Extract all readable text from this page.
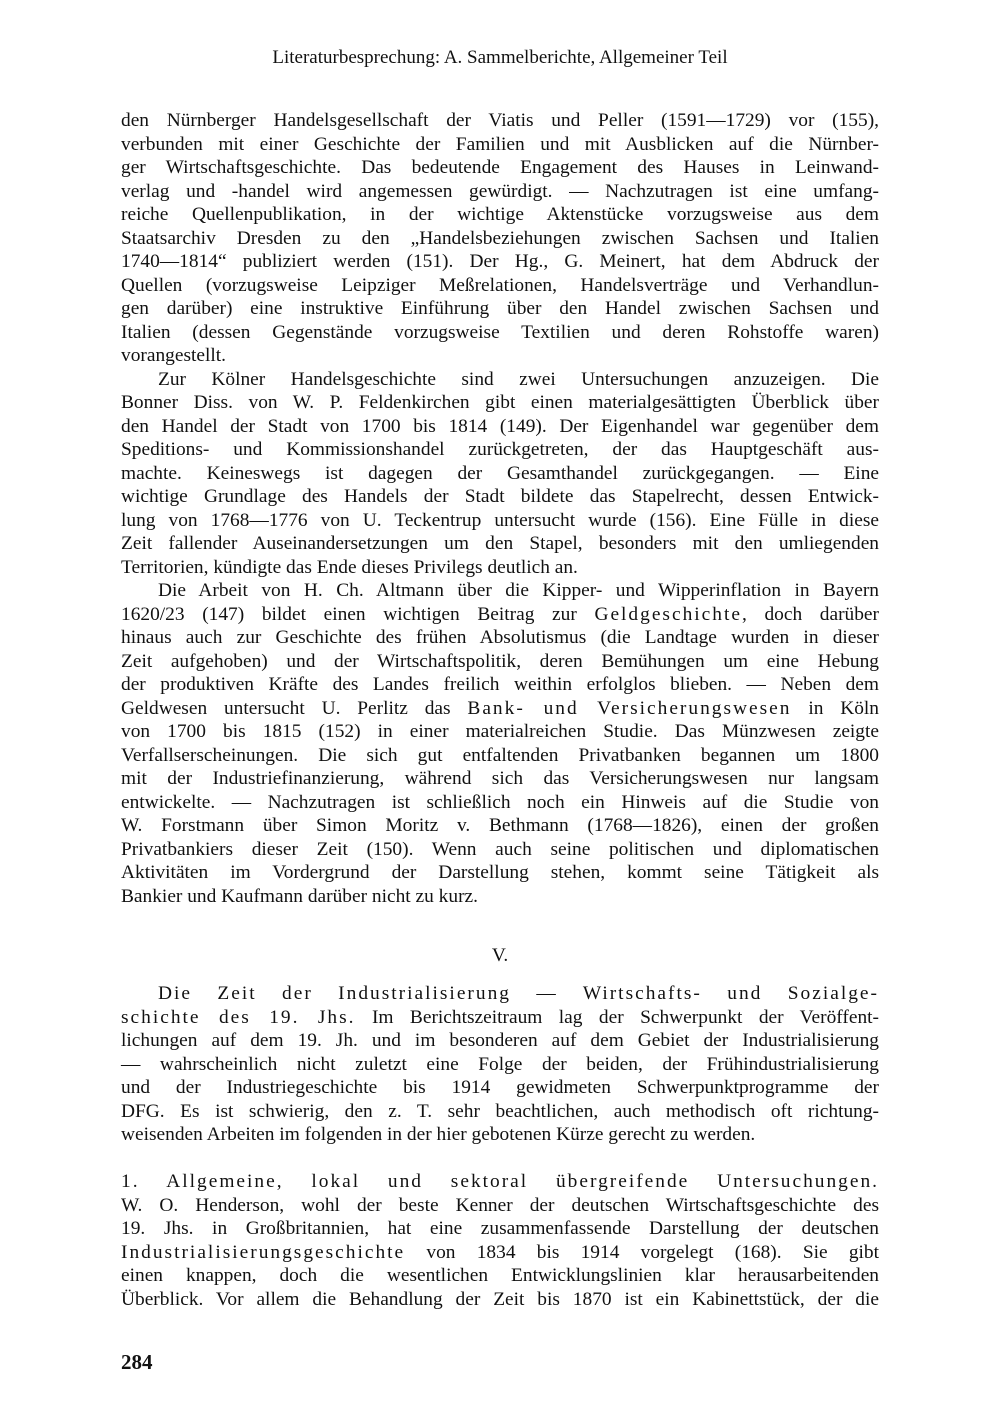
Literaturbesprechung: A. Sammelberichte, Allgemeiner Teil
den Nürnberger Handelsgesellschaft der Viatis und Peller (1591—1729) vor (155),
verbunden mit einer Geschichte der Familien und mit Ausblicken auf die Nürnber-
ger Wirtschaftsgeschichte. Das bedeutende Engagement des Hauses in Leinwand-
verlag und -handel wird angemessen gewürdigt. — Nachzutragen ist eine umfang-
reiche Quellenpublikation, in der wichtige Aktenstücke vorzugsweise aus dem
Staatsarchiv Dresden zu den „Handelsbeziehungen zwischen Sachsen und Italien
1740—1814“ publiziert werden (151). Der Hg., G. Meinert, hat dem Abdruck der
Quellen (vorzugsweise Leipziger Meßrelationen, Handelsverträge und Verhandlun-
gen darüber) eine instruktive Einführung über den Handel zwischen Sachsen und
Italien (dessen Gegenstände vorzugsweise Textilien und deren Rohstoffe waren)
vorangestellt.
Zur Kölner Handelsgeschichte sind zwei Untersuchungen anzuzeigen. Die
Bonner Diss. von W. P. Feldenkirchen gibt einen materialgesättigten Überblick über
den Handel der Stadt von 1700 bis 1814 (149). Der Eigenhandel war gegenüber dem
Speditions- und Kommissionshandel zurückgetreten, der das Hauptgeschäft aus-
machte. Keineswegs ist dagegen der Gesamthandel zurückgegangen. — Eine
wichtige Grundlage des Handels der Stadt bildete das Stapelrecht, dessen Entwick-
lung von 1768—1776 von U. Teckentrup untersucht wurde (156). Eine Fülle in diese
Zeit fallender Auseinandersetzungen um den Stapel, besonders mit den umliegenden
Territorien, kündigte das Ende dieses Privilegs deutlich an.
Die Arbeit von H. Ch. Altmann über die Kipper- und Wipperinflation in Bayern
1620/23 (147) bildet einen wichtigen Beitrag zur Geldgeschichte, doch darüber
hinaus auch zur Geschichte des frühen Absolutismus (die Landtage wurden in dieser
Zeit aufgehoben) und der Wirtschaftspolitik, deren Bemühungen um eine Hebung
der produktiven Kräfte des Landes freilich weithin erfolglos blieben. — Neben dem
Geldwesen untersucht U. Perlitz das Bank- und Versicherungswesen in Köln
von 1700 bis 1815 (152) in einer materialreichen Studie. Das Münzwesen zeigte
Verfallserscheinungen. Die sich gut entfaltenden Privatbanken begannen um 1800
mit der Industriefinanzierung, während sich das Versicherungswesen nur langsam
entwickelte. — Nachzutragen ist schließlich noch ein Hinweis auf die Studie von
W. Forstmann über Simon Moritz v. Bethmann (1768—1826), einen der großen
Privatbankiers dieser Zeit (150). Wenn auch seine politischen und diplomatischen
Aktivitäten im Vordergrund der Darstellung stehen, kommt seine Tätigkeit als
Bankier und Kaufmann darüber nicht zu kurz.
V.
Die Zeit der Industrialisierung — Wirtschafts- und Sozialge-
schichte des 19. Jhs. Im Berichtszeitraum lag der Schwerpunkt der Veröffent-
lichungen auf dem 19. Jh. und im besonderen auf dem Gebiet der Industrialisierung
— wahrscheinlich nicht zuletzt eine Folge der beiden, der Frühindustrialisierung
und der Industriegeschichte bis 1914 gewidmeten Schwerpunktprogramme der
DFG. Es ist schwierig, den z. T. sehr beachtlichen, auch methodisch oft richtung-
weisenden Arbeiten im folgenden in der hier gebotenen Kürze gerecht zu werden.
1. Allgemeine, lokal und sektoral übergreifende Untersuchungen.
W. O. Henderson, wohl der beste Kenner der deutschen Wirtschaftsgeschichte des
19. Jhs. in Großbritannien, hat eine zusammenfassende Darstellung der deutschen
Industrialisierungsgeschichte von 1834 bis 1914 vorgelegt (168). Sie gibt
einen knappen, doch die wesentlichen Entwicklungslinien klar herausarbeitenden
Überblick. Vor allem die Behandlung der Zeit bis 1870 ist ein Kabinettstück, der die
284
